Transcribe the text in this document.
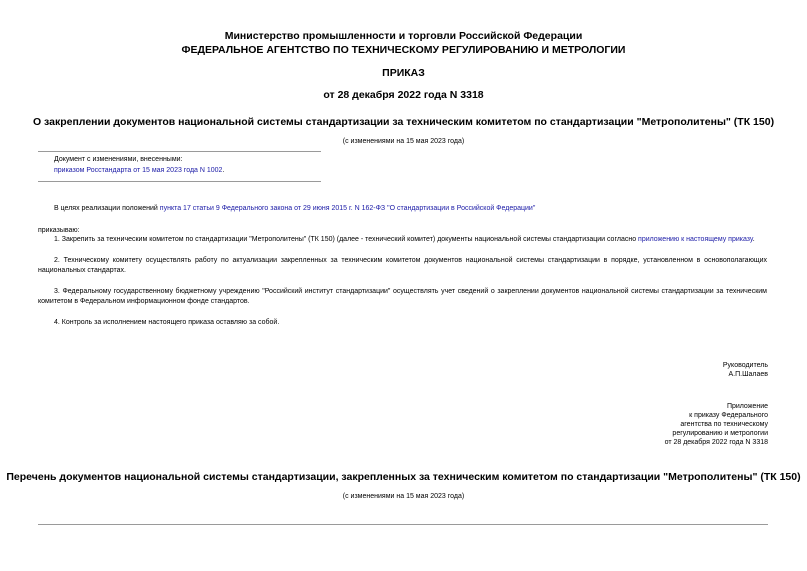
Министерство промышленности и торговли Российской Федерации
ФЕДЕРАЛЬНОЕ АГЕНТСТВО ПО ТЕХНИЧЕСКОМУ РЕГУЛИРОВАНИЮ И МЕТРОЛОГИИ
ПРИКАЗ
от 28 декабря 2022 года N 3318
О закреплении документов национальной системы стандартизации за техническим комитетом по стандартизации "Метрополитены" (ТК 150)
(с изменениями на 15 мая 2023 года)
Документ с изменениями, внесенными:
приказом Росстандарта от 15 мая 2023 года N 1002.
В целях реализации положений пункта 17 статьи 9 Федерального закона от 29 июня 2015 г. N 162-ФЗ "О стандартизации в Российской Федерации"
приказываю:
1. Закрепить за техническим комитетом по стандартизации "Метрополитены" (ТК 150) (далее - технический комитет) документы национальной системы стандартизации согласно приложению к настоящему приказу.
2. Техническому комитету осуществлять работу по актуализации закрепленных за техническим комитетом документов национальной системы стандартизации в порядке, установленном в основополагающих национальных стандартах.
3. Федеральному государственному бюджетному учреждению "Российский институт стандартизации" осуществлять учет сведений о закреплении документов национальной системы стандартизации за техническим комитетом в Федеральном информационном фонде стандартов.
4. Контроль за исполнением настоящего приказа оставляю за собой.
Руководитель
А.П.Шалаев
Приложение
к приказу Федерального
агентства по техническому
регулированию и метрологии
от 28 декабря 2022 года N 3318
Перечень документов национальной системы стандартизации, закрепленных за техническим комитетом по стандартизации "Метрополитены" (ТК 150)
(с изменениями на 15 мая 2023 года)
